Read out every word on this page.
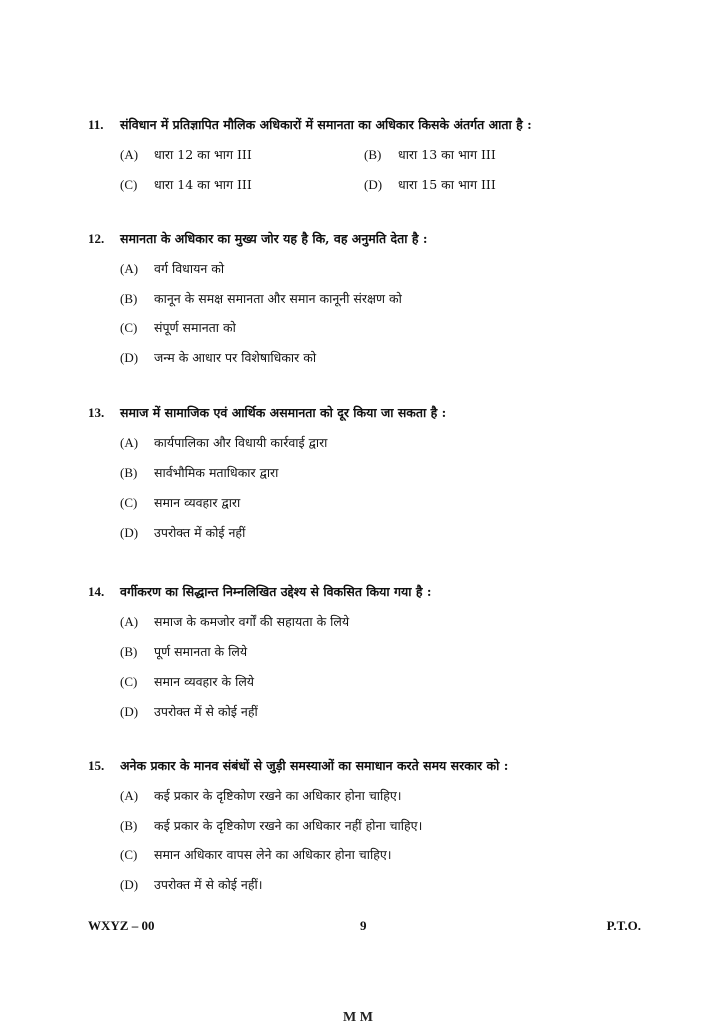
11.	संविधान में प्रतिज्ञापित मौलिक अधिकारों में समानता का अधिकार किसके अंतर्गत आता है :
(A)	धारा 12 का भाग III	(B)	धारा 13 का भाग III
(C)	धारा 14 का भाग III	(D)	धारा 15 का भाग III
12.	समानता के अधिकार का मुख्य जोर यह है कि, वह अनुमति देता है :
(A)	वर्ग विधायन को
(B)	कानून के समक्ष समानता और समान कानूनी संरक्षण को
(C)	संपूर्ण समानता को
(D)	जन्म के आधार पर विशेषाधिकार को
13.	समाज में सामाजिक एवं आर्थिक असमानता को दूर किया जा सकता है :
(A)	कार्यपालिका और विधायी कार्रवाई द्वारा
(B)	सार्वभौमिक मताधिकार द्वारा
(C)	समान व्यवहार द्वारा
(D)	उपरोक्त में कोई नहीं
14.	वर्गीकरण का सिद्धान्त निम्नलिखित उद्देश्य से विकसित किया गया है :
(A)	समाज के कमजोर वर्गों की सहायता के लिये
(B)	पूर्ण समानता के लिये
(C)	समान व्यवहार के लिये
(D)	उपरोक्त में से कोई नहीं
15.	अनेक प्रकार के मानव संबंधों से जुड़ी समस्याओं का समाधान करते समय सरकार को :
(A)	कई प्रकार के दृष्टिकोण रखने का अधिकार होना चाहिए।
(B)	कई प्रकार के दृष्टिकोण रखने का अधिकार नहीं होना चाहिए।
(C)	समान अधिकार वापस लेने का अधिकार होना चाहिए।
(D)	उपरोक्त में से कोई नहीं।
WXYZ – 00	9	P.T.O.
M M
